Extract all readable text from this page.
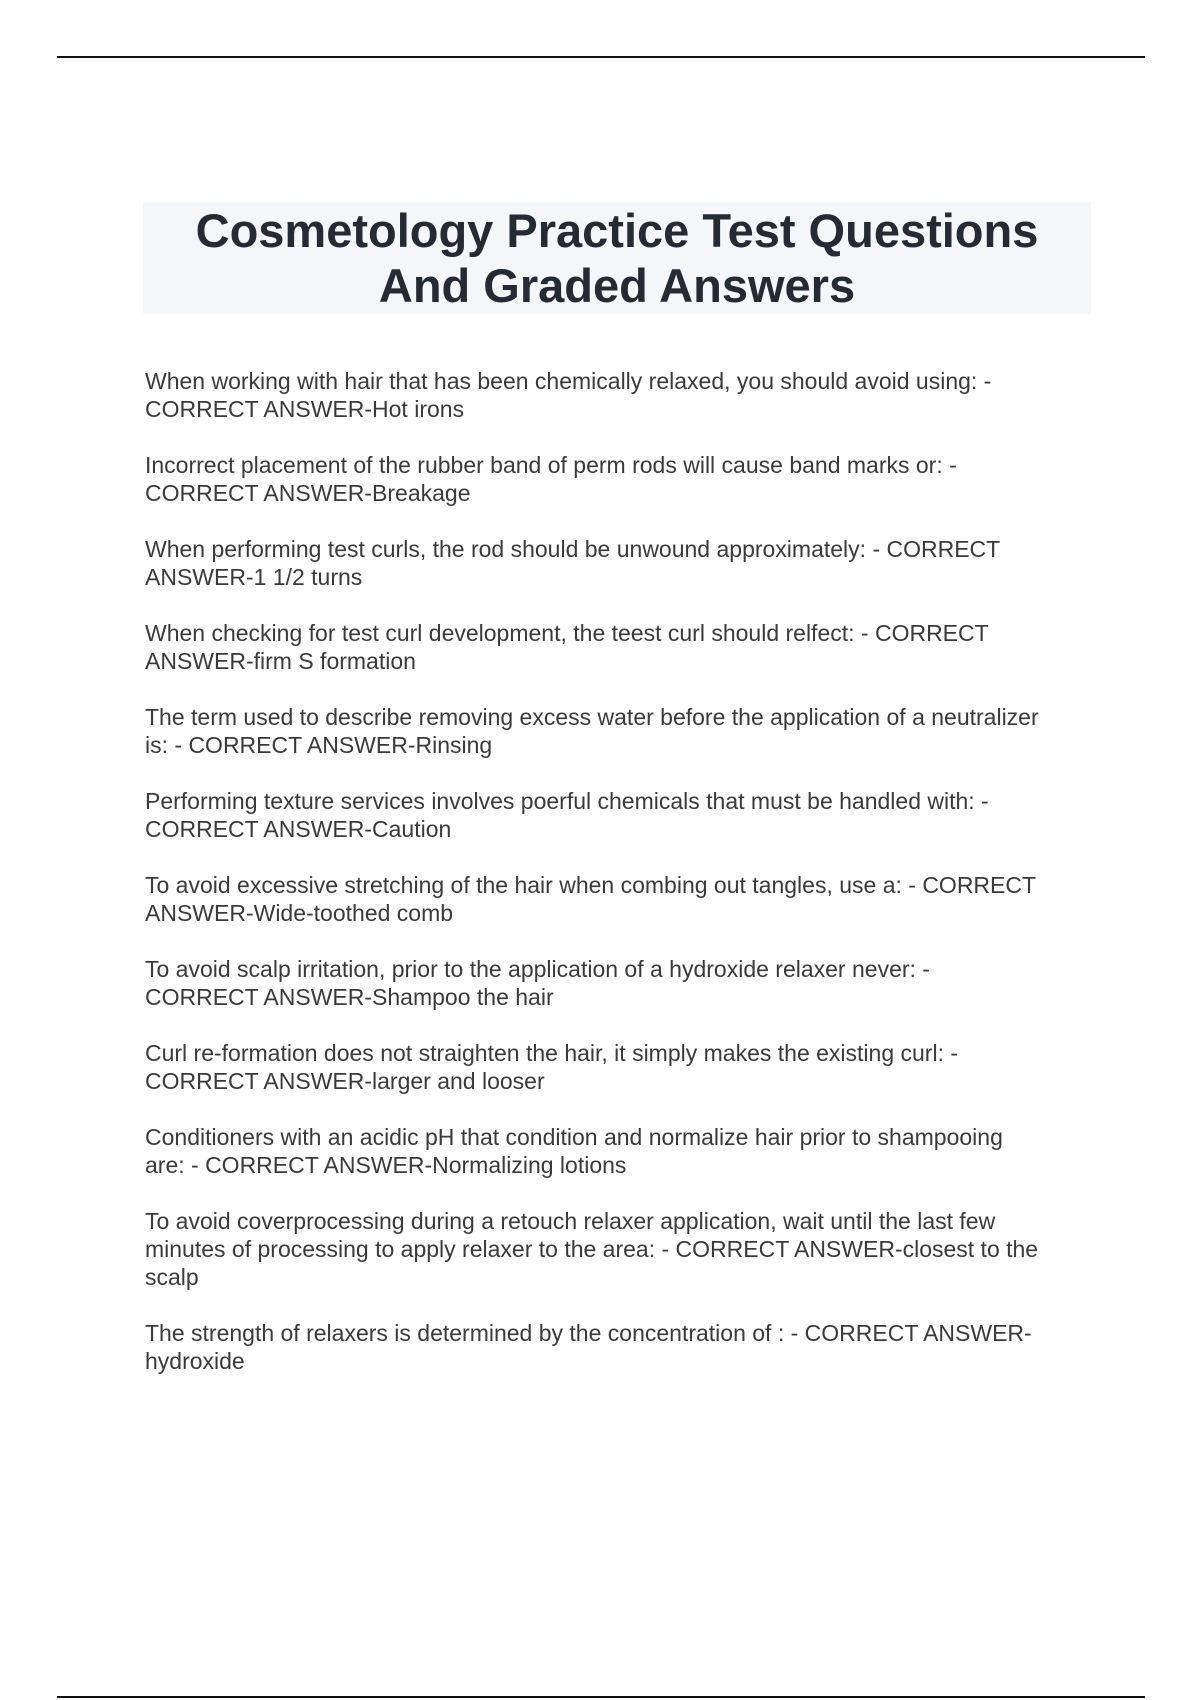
Cosmetology Practice Test Questions
And Graded Answers
When working with hair that has been chemically relaxed, you should avoid using: -
CORRECT ANSWER-Hot irons
Incorrect placement of the rubber band of perm rods will cause band marks or: -
CORRECT ANSWER-Breakage
When performing test curls, the rod should be unwound approximately: - CORRECT
ANSWER-1 1/2 turns
When checking for test curl development, the teest curl should relfect: - CORRECT
ANSWER-firm S formation
The term used to describe removing excess water before the application of a neutralizer
is: - CORRECT ANSWER-Rinsing
Performing texture services involves poerful chemicals that must be handled with: -
CORRECT ANSWER-Caution
To avoid excessive stretching of the hair when combing out tangles, use a: - CORRECT
ANSWER-Wide-toothed comb
To avoid scalp irritation, prior to the application of a hydroxide relaxer never: -
CORRECT ANSWER-Shampoo the hair
Curl re-formation does not straighten the hair, it simply makes the existing curl: -
CORRECT ANSWER-larger and looser
Conditioners with an acidic pH that condition and normalize hair prior to shampooing
are: - CORRECT ANSWER-Normalizing lotions
To avoid coverprocessing during a retouch relaxer application, wait until the last few
minutes of processing to apply relaxer to the area: - CORRECT ANSWER-closest to the
scalp
The strength of relaxers is determined by the concentration of : - CORRECT ANSWER-
hydroxide
